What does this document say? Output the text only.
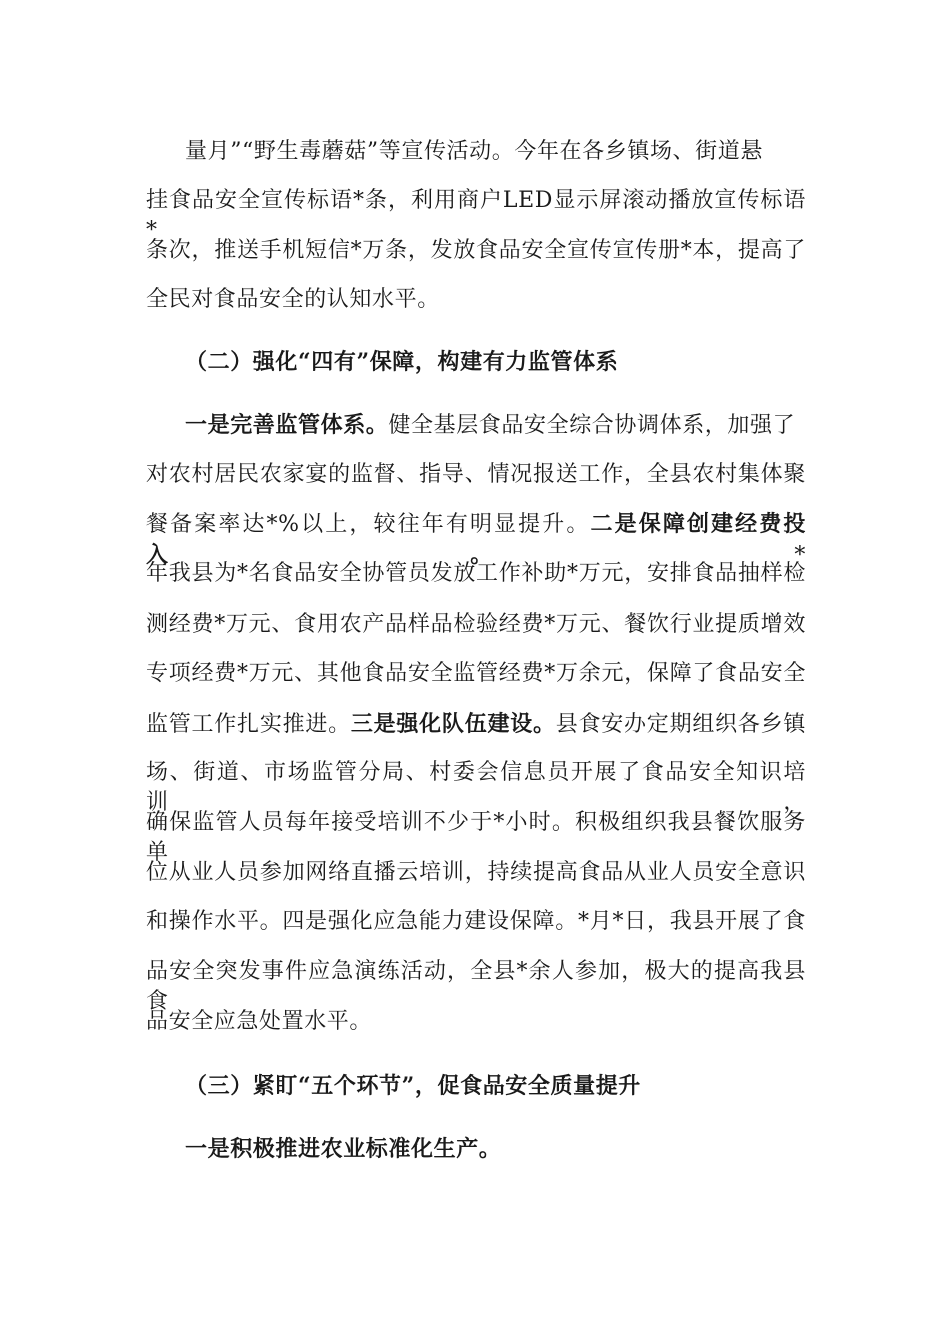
量月”“野生毒蘑菇”等宣传活动。今年在各乡镇场、街道悬
挂食品安全宣传标语*条，利用商户LED显示屏滚动播放宣传标语*
条次，推送手机短信*万条，发放食品安全宣传宣传册*本，提高了
全民对食品安全的认知水平。
（二）强化“四有”保障，构建有力监管体系
一是完善监管体系。健全基层食品安全综合协调体系，加强了
对农村居民农家宴的监督、指导、情况报送工作，全县农村集体聚
餐备案率达*%以上，较往年有明显提升。二是保障创建经费投入。*
年我县为*名食品安全协管员发放工作补助*万元，安排食品抽样检
测经费*万元、食用农产品样品检验经费*万元、餐饮行业提质增效
专项经费*万元、其他食品安全监管经费*万余元，保障了食品安全
监管工作扎实推进。三是强化队伍建设。县食安办定期组织各乡镇
场、街道、市场监管分局、村委会信息员开展了食品安全知识培训，
确保监管人员每年接受培训不少于*小时。积极组织我县餐饮服务单
位从业人员参加网络直播云培训，持续提高食品从业人员安全意识
和操作水平。四是强化应急能力建设保障。*月*日，我县开展了食
品安全突发事件应急演练活动，全县*余人参加，极大的提高我县食
品安全应急处置水平。
（三）紧盯“五个环节”，促食品安全质量提升
一是积极推进农业标准化生产。
